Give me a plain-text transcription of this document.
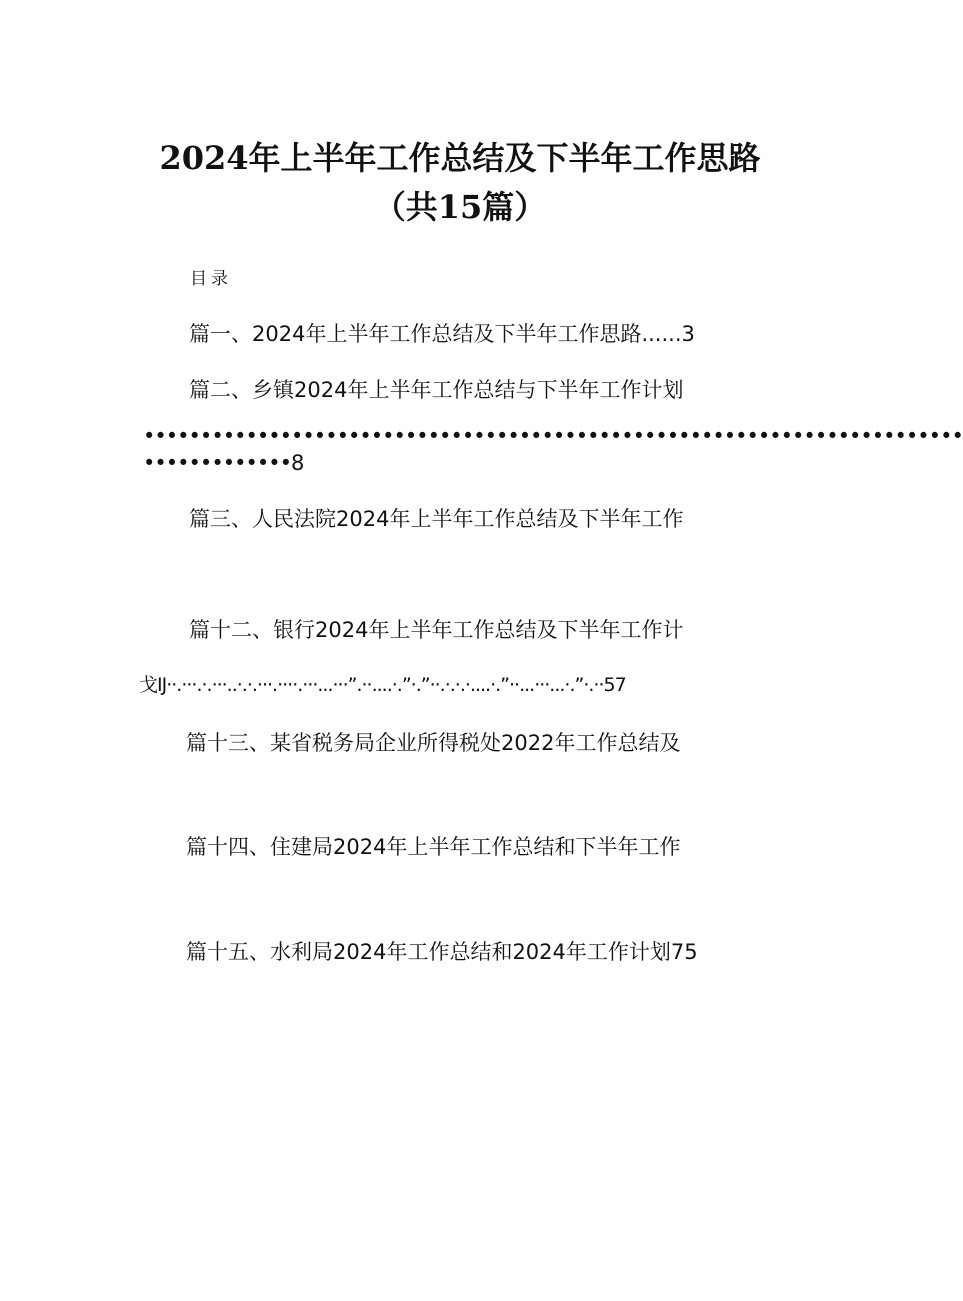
2024年上半年工作总结及下半年工作思路
（共15篇）
目录
篇一、2024年上半年工作总结及下半年工作思路......3
篇二、乡镇2024年上半年工作总结与下半年工作计划
••••••••••••••••••••••••••••••••••••••••••••••••••••••••••••••••••••••••
•••••••••••••8
篇三、人民法院2024年上半年工作总结及下半年工作
篇十二、银行2024年上半年工作总结及下半年工作计
戈IJ··.···.·.···..·.·.···.····.···...···”.··....·.”·.”··.·.·.·....·.”··...···...·.”·.··57
篇十三、某省税务局企业所得税处2022年工作总结及
篇十四、住建局2024年上半年工作总结和下半年工作
篇十五、水利局2024年工作总结和2024年工作计划75
